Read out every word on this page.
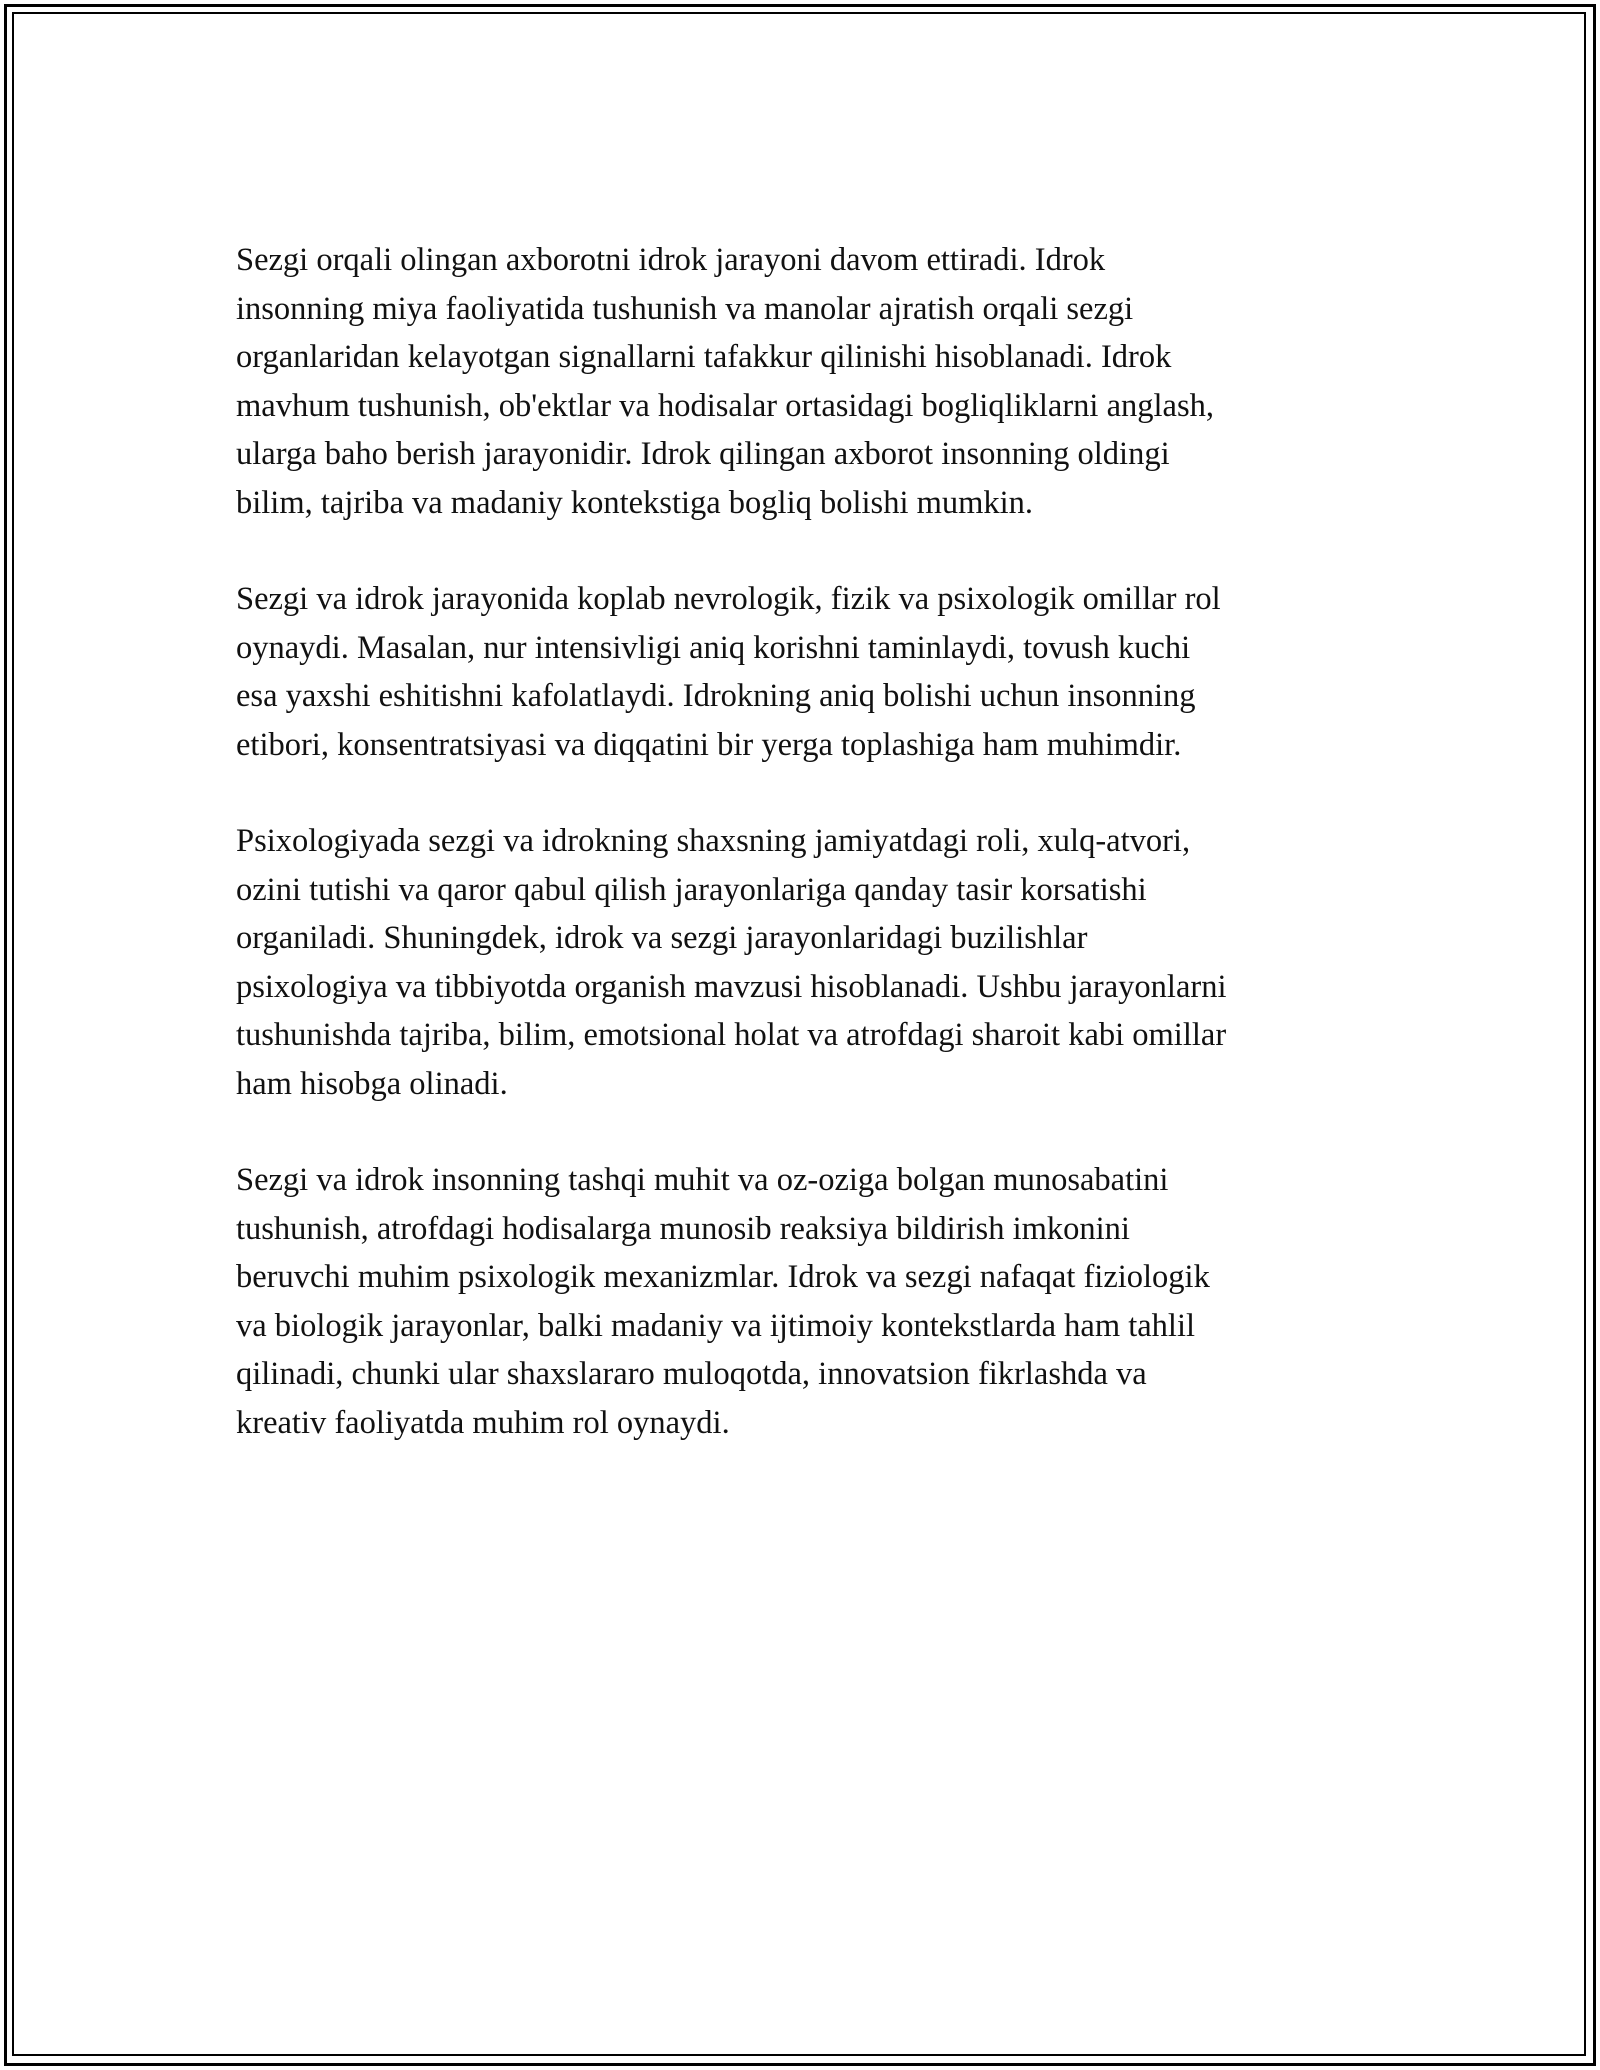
Sezgi orqali olingan axborotni idrok jarayoni davom ettiradi. Idrok
insonning miya faoliyatida tushunish va manolar ajratish orqali sezgi
organlaridan kelayotgan signallarni tafakkur qilinishi hisoblanadi. Idrok
mavhum tushunish, ob'ektlar va hodisalar ortasidagi bogliqliklarni anglash,
ularga baho berish jarayonidir. Idrok qilingan axborot insonning oldingi
bilim, tajriba va madaniy kontekstiga bogliq bolishi mumkin.

Sezgi va idrok jarayonida koplab nevrologik, fizik va psixologik omillar rol
oynaydi. Masalan, nur intensivligi aniq korishni taminlaydi, tovush kuchi
esa yaxshi eshitishni kafolatlaydi. Idrokning aniq bolishi uchun insonning
etibori, konsentratsiyasi va diqqatini bir yerga toplashiga ham muhimdir.

Psixologiyada sezgi va idrokning shaxsning jamiyatdagi roli, xulq-atvori,
ozini tutishi va qaror qabul qilish jarayonlariga qanday tasir korsatishi
organiladi. Shuningdek, idrok va sezgi jarayonlaridagi buzilishlar
psixologiya va tibbiyotda organish mavzusi hisoblanadi. Ushbu jarayonlarni
tushunishda tajriba, bilim, emotsional holat va atrofdagi sharoit kabi omillar
ham hisobga olinadi.

Sezgi va idrok insonning tashqi muhit va oz-oziga bolgan munosabatini
tushunish, atrofdagi hodisalarga munosib reaksiya bildirish imkonini
beruvchi muhim psixologik mexanizmlar. Idrok va sezgi nafaqat fiziologik
va biologik jarayonlar, balki madaniy va ijtimoiy kontekstlarda ham tahlil
qilinadi, chunki ular shaxslararo muloqotda, innovatsion fikrlashda va
kreativ faoliyatda muhim rol oynaydi.
